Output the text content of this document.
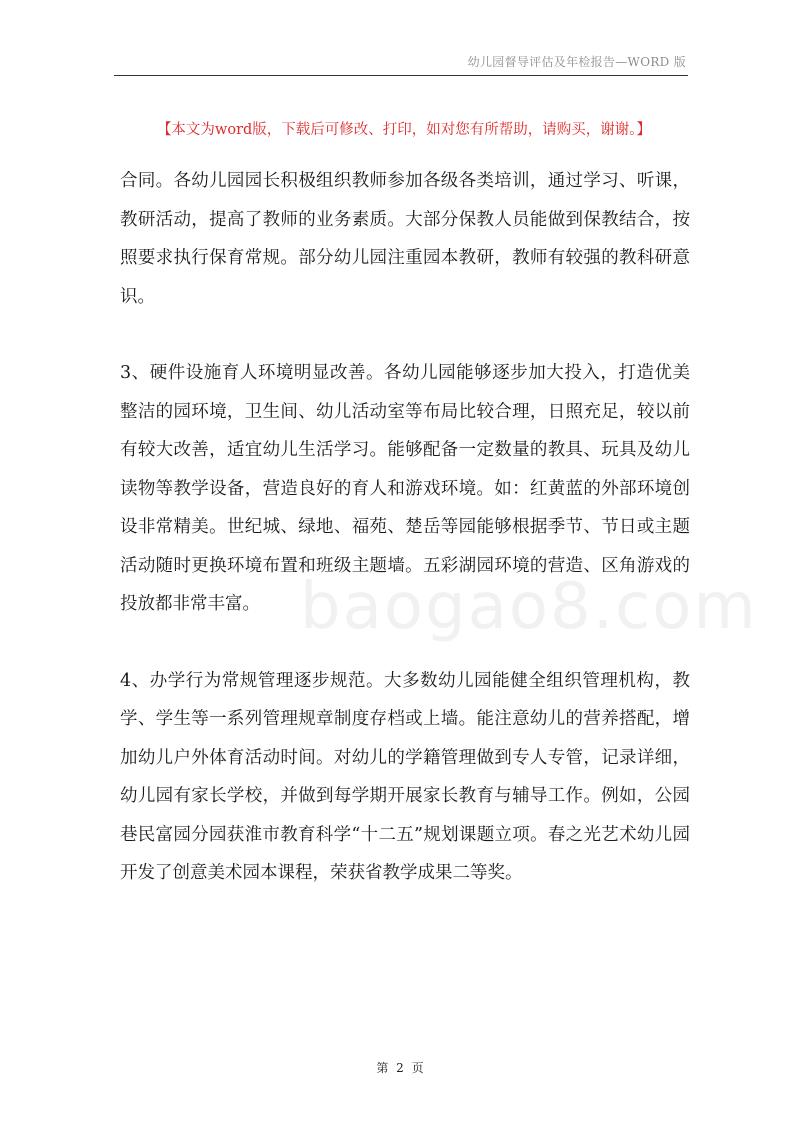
幼儿园督导评估及年检报告—WORD 版
【本文为word版，下载后可修改、打印，如对您有所帮助，请购买，谢谢。】
baogao8.com

合同。各幼儿园园长积极组织教师参加各级各类培训，通过学习、听课，教研活动，提高了教师的业务素质。大部分保教人员能做到保教结合，按照要求执行保育常规。部分幼儿园注重园本教研，教师有较强的教科研意识。

3、硬件设施育人环境明显改善。各幼儿园能够逐步加大投入，打造优美整洁的园环境，卫生间、幼儿活动室等布局比较合理，日照充足，较以前有较大改善，适宜幼儿生活学习。能够配备一定数量的教具、玩具及幼儿读物等教学设备，营造良好的育人和游戏环境。如：红黄蓝的外部环境创设非常精美。世纪城、绿地、福苑、楚岳等园能够根据季节、节日或主题活动随时更换环境布置和班级主题墙。五彩湖园环境的营造、区角游戏的投放都非常丰富。

4、办学行为常规管理逐步规范。大多数幼儿园能健全组织管理机构，教学、学生等一系列管理规章制度存档或上墙。能注意幼儿的营养搭配，增加幼儿户外体育活动时间。对幼儿的学籍管理做到专人专管，记录详细，幼儿园有家长学校，并做到每学期开展家长教育与辅导工作。例如，公园巷民富园分园获淮市教育科学“十二五”规划课题立项。春之光艺术幼儿园开发了创意美术园本课程，荣获省教学成果二等奖。

第 2 页
